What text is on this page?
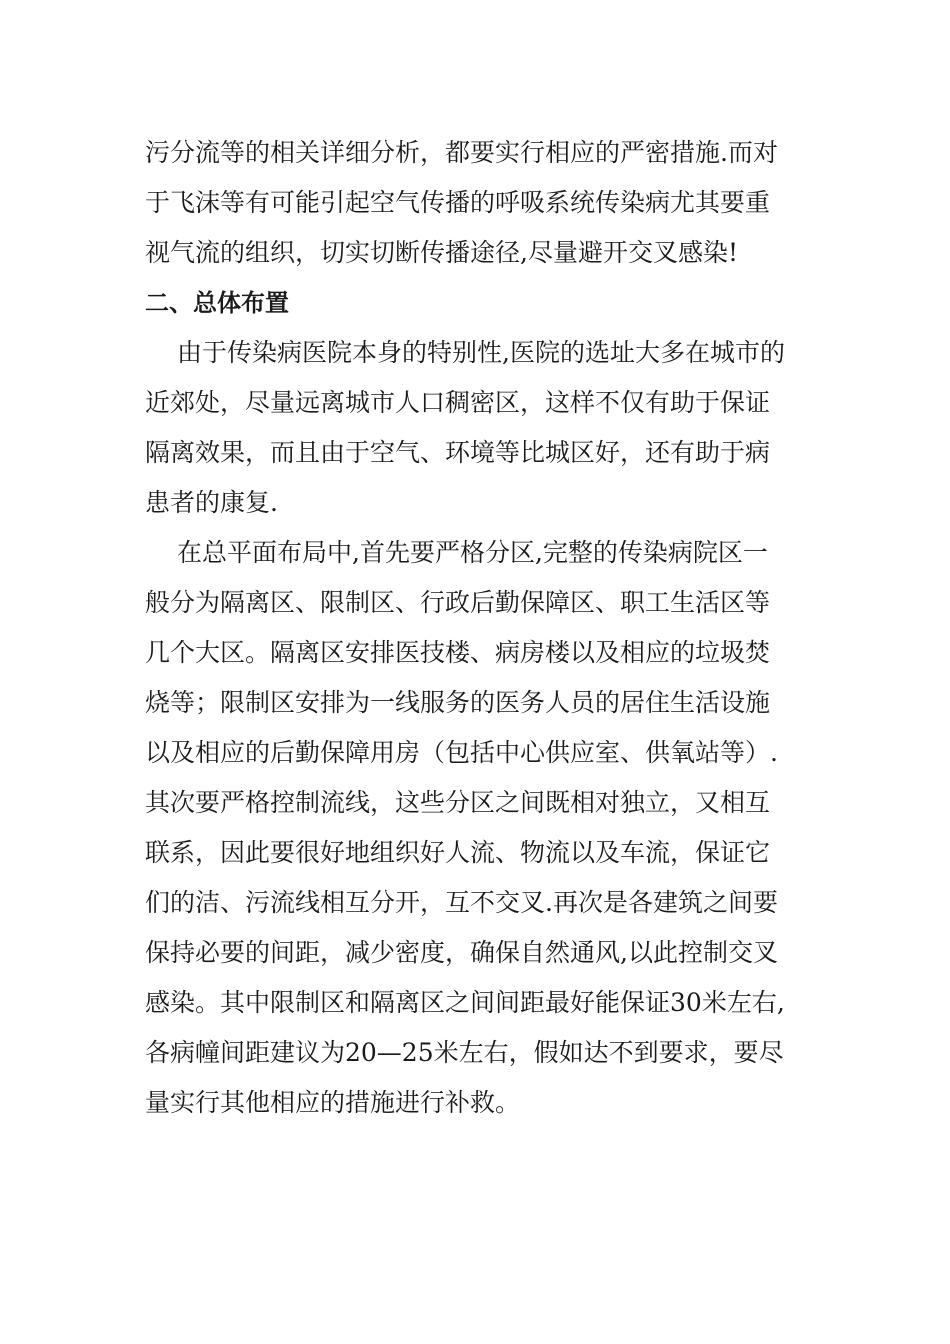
污分流等的相关详细分析，都要实行相应的严密措施.而对
于飞沫等有可能引起空气传播的呼吸系统传染病尤其要重
视气流的组织，切实切断传播途径,尽量避开交叉感染!
二、总体布置
由于传染病医院本身的特别性,医院的选址大多在城市的
近郊处，尽量远离城市人口稠密区，这样不仅有助于保证
隔离效果，而且由于空气、环境等比城区好，还有助于病
患者的康复.
在总平面布局中,首先要严格分区,完整的传染病院区一
般分为隔离区、限制区、行政后勤保障区、职工生活区等
几个大区。隔离区安排医技楼、病房楼以及相应的垃圾焚
烧等；限制区安排为一线服务的医务人员的居住生活设施
以及相应的后勤保障用房（包括中心供应室、供氧站等）.
其次要严格控制流线，这些分区之间既相对独立，又相互
联系，因此要很好地组织好人流、物流以及车流，保证它
们的洁、污流线相互分开，互不交叉.再次是各建筑之间要
保持必要的间距，减少密度，确保自然通风,以此控制交叉
感染。其中限制区和隔离区之间间距最好能保证30米左右,
各病幢间距建议为20—25米左右，假如达不到要求，要尽
量实行其他相应的措施进行补救。
